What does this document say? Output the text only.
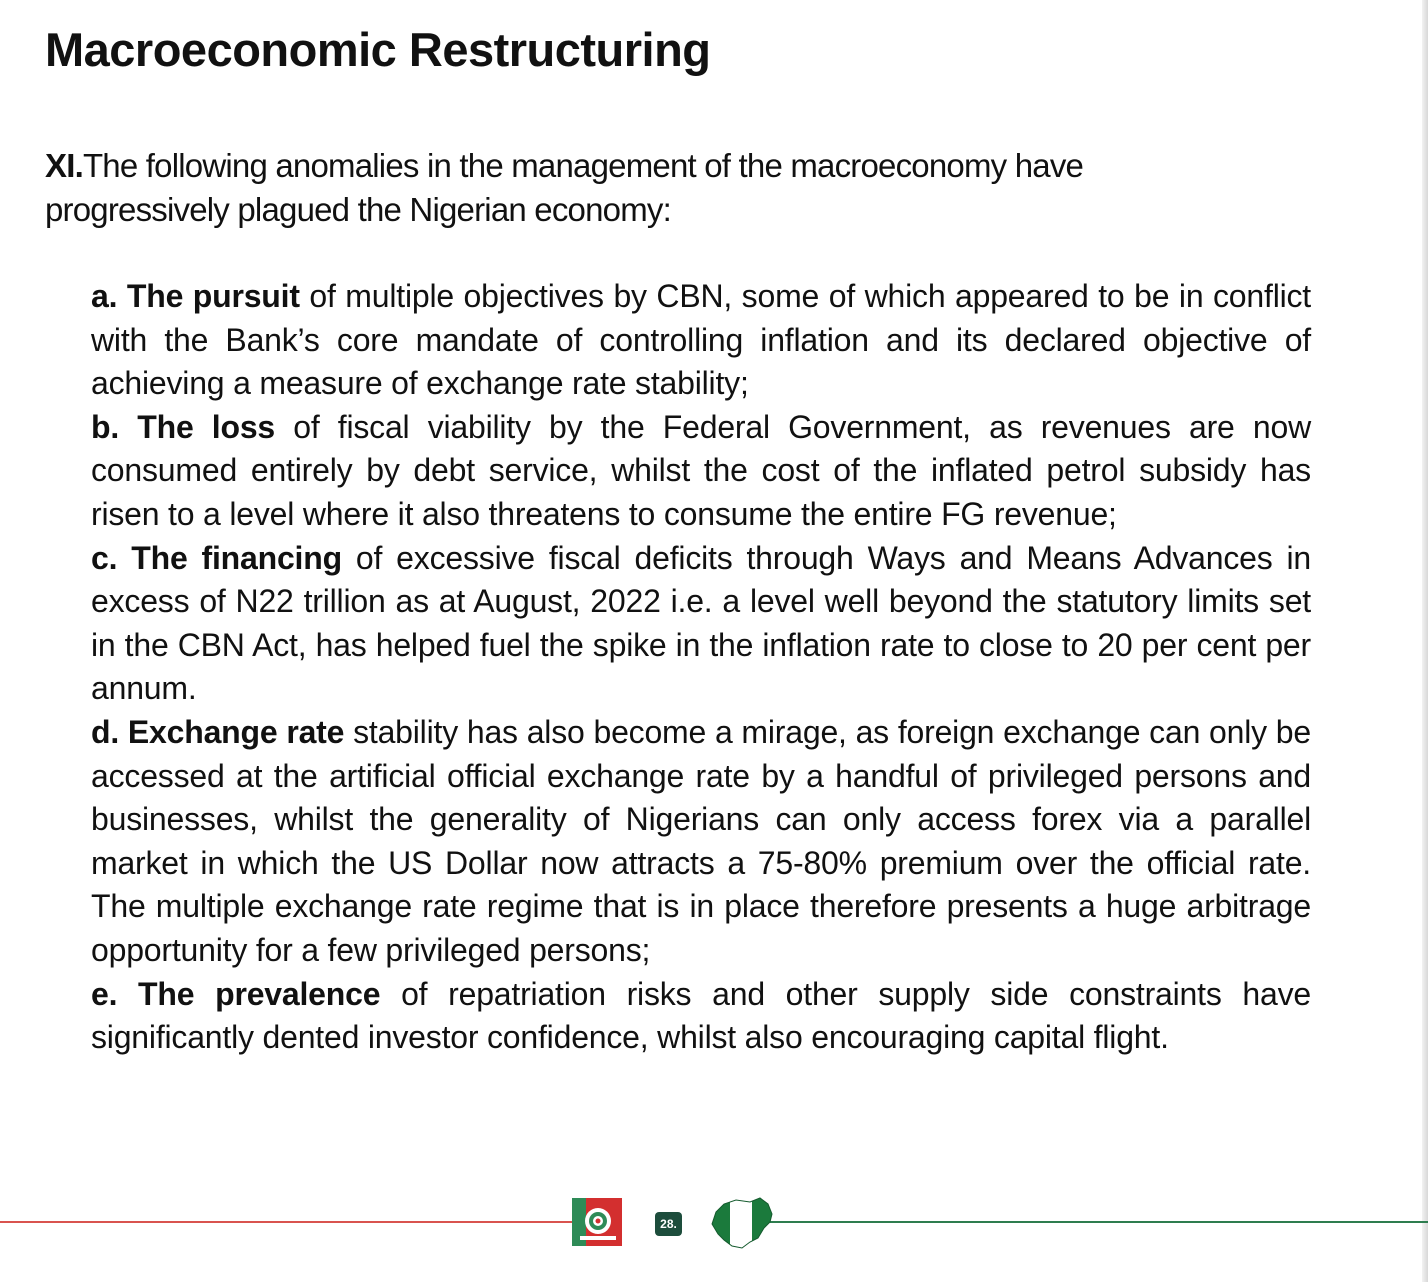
Macroeconomic Restructuring

XI.The following anomalies in the management of the macroeconomy have progressively plagued the Nigerian economy:

a. The pursuit of multiple objectives by CBN, some of which appeared to be in conflict with the Bank’s core mandate of controlling inflation and its declared objective of achieving a measure of exchange rate stability;
b. The loss of fiscal viability by the Federal Government, as revenues are now consumed entirely by debt service, whilst the cost of the inflated petrol subsidy has risen to a level where it also threatens to consume the entire FG revenue;
c. The financing of excessive fiscal deficits through Ways and Means Advances in excess of N22 trillion as at August, 2022 i.e. a level well beyond the statutory limits set in the CBN Act, has helped fuel the spike in the inflation rate to close to 20 per cent per annum.
d. Exchange rate stability has also become a mirage, as foreign exchange can only be accessed at the artificial official exchange rate by a handful of privileged persons and businesses, whilst the generality of Nigerians can only access forex via a parallel market in which the US Dollar now attracts a 75-80% premium over the official rate. The multiple exchange rate regime that is in place therefore presents a huge arbitrage opportunity for a few privileged persons;
e. The prevalence of repatriation risks and other supply side constraints have significantly dented investor confidence, whilst also encouraging capital flight.
28.
